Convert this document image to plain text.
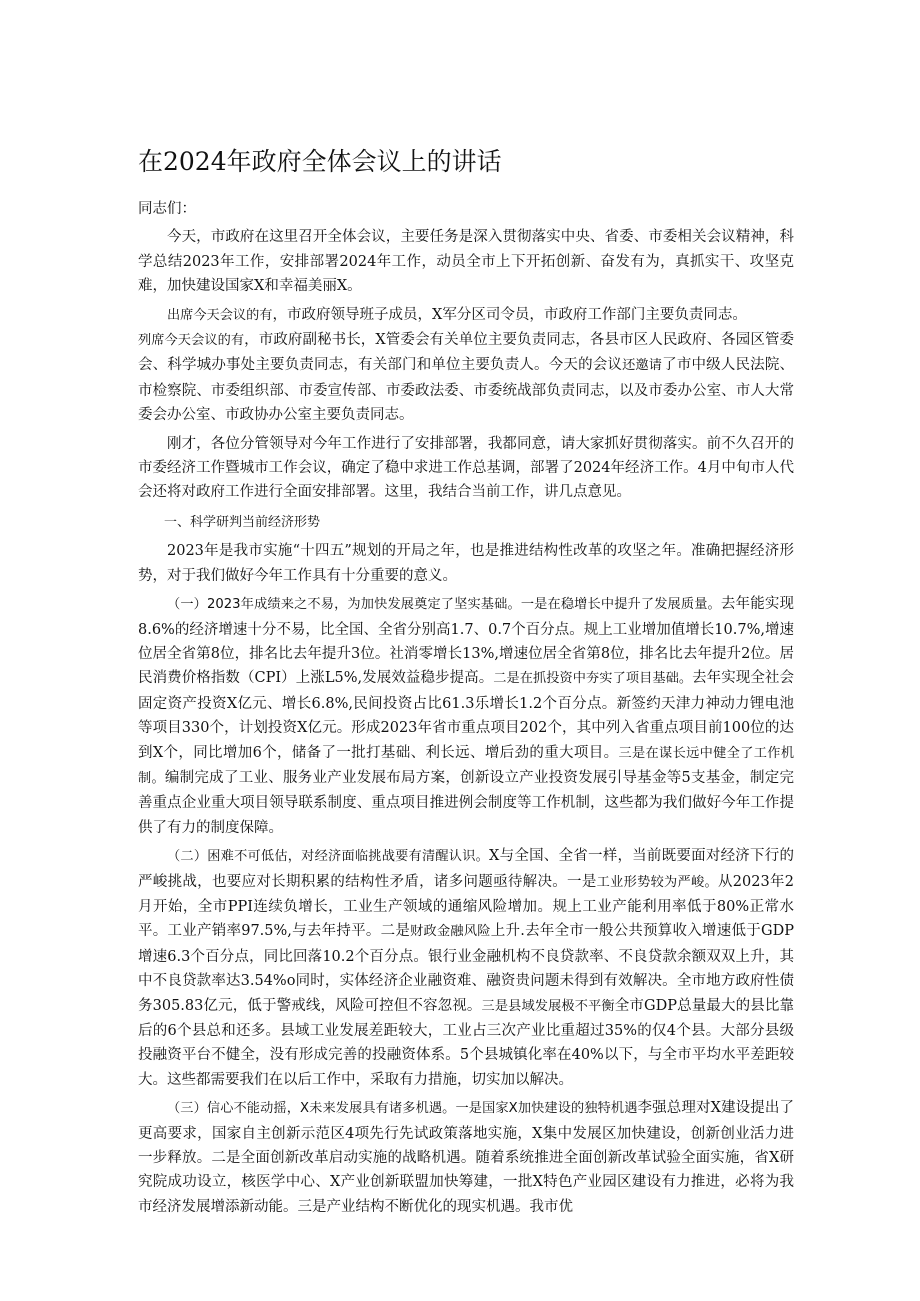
在2024年政府全体会议上的讲话

同志们：

今天，市政府在这里召开全体会议，主要任务是深入贯彻落实中央、省委、市委相关会议精神，科学总结2023年工作，安排部署2024年工作，动员全市上下开拓创新、奋发有为，真抓实干、攻坚克难，加快建设国家X和幸福美丽X。

出席今天会议的有，市政府领导班子成员，X军分区司令员，市政府工作部门主要负责同志。

列席今天会议的有，市政府副秘书长，X管委会有关单位主要负责同志，各县市区人民政府、各园区管委会、科学城办事处主要负责同志，有关部门和单位主要负责人。今天的会议还邀请了市中级人民法院、市检察院、市委组织部、市委宣传部、市委政法委、市委统战部负责同志，以及市委办公室、市人大常委会办公室、市政协办公室主要负责同志。

刚才，各位分管领导对今年工作进行了安排部署，我都同意，请大家抓好贯彻落实。前不久召开的市委经济工作暨城市工作会议，确定了稳中求进工作总基调，部署了2024年经济工作。4月中旬市人代会还将对政府工作进行全面安排部署。这里，我结合当前工作，讲几点意见。

一、科学研判当前经济形势

2023年是我市实施“十四五”规划的开局之年，也是推进结构性改革的攻坚之年。准确把握经济形势，对于我们做好今年工作具有十分重要的意义。

（一）2023年成绩来之不易，为加快发展奠定了坚实基础。一是在稳增长中提升了发展质量。去年能实现8.6%的经济增速十分不易，比全国、全省分别高1.7、0.7个百分点。规上工业增加值增长10.7%,增速位居全省第8位，排名比去年提升3位。社消零增长13%,增速位居全省第8位，排名比去年提升2位。居民消费价格指数（CPI）上涨L5%,发展效益稳步提高。二是在抓投资中夯实了项目基础。去年实现全社会固定资产投资X亿元、增长6.8%,民间投资占比61.3乐增长1.2个百分点。新签约天津力神动力锂电池等项目330个，计划投资X亿元。形成2023年省市重点项目202个，其中列入省重点项目前100位的达到X个，同比增加6个，储备了一批打基础、利长远、增后劲的重大项目。三是在谋长远中健全了工作机制。编制完成了工业、服务业产业发展布局方案，创新设立产业投资发展引导基金等5支基金，制定完善重点企业重大项目领导联系制度、重点项目推进例会制度等工作机制，这些都为我们做好今年工作提供了有力的制度保障。

（二）困难不可低估，对经济面临挑战要有清醒认识。X与全国、全省一样，当前既要面对经济下行的严峻挑战，也要应对长期积累的结构性矛盾，诸多问题亟待解决。一是工业形势较为严峻。从2023年2月开始，全市PPI连续负增长，工业生产领域的通缩风险增加。规上工业产能利用率低于80%正常水平。工业产销率97.5%,与去年持平。二是财政金融风险上升.去年全市一般公共预算收入增速低于GDP增速6.3个百分点，同比回落10.2个百分点。银行业金融机构不良贷款率、不良贷款余额双双上升，其中不良贷款率达3.54%o同时，实体经济企业融资难、融资贵问题未得到有效解决。全市地方政府性债务305.83亿元，低于警戒线，风险可控但不容忽视。三是县域发展极不平衡全市GDP总量最大的县比靠后的6个县总和还多。县域工业发展差距较大，工业占三次产业比重超过35%的仅4个县。大部分县级投融资平台不健全，没有形成完善的投融资体系。5个县城镇化率在40%以下，与全市平均水平差距较大。这些都需要我们在以后工作中，采取有力措施，切实加以解决。

（三）信心不能动摇，X未来发展具有诸多机遇。一是国家X加快建设的独特机遇李强总理对X建设提出了更高要求，国家自主创新示范区4项先行先试政策落地实施，X集中发展区加快建设，创新创业活力进一步释放。二是全面创新改革启动实施的战略机遇。随着系统推进全面创新改革试验全面实施，省X研究院成功设立，核医学中心、X产业创新联盟加快筹建，一批X特色产业园区建设有力推进，必将为我市经济发展增添新动能。三是产业结构不断优化的现实机遇。我市优
